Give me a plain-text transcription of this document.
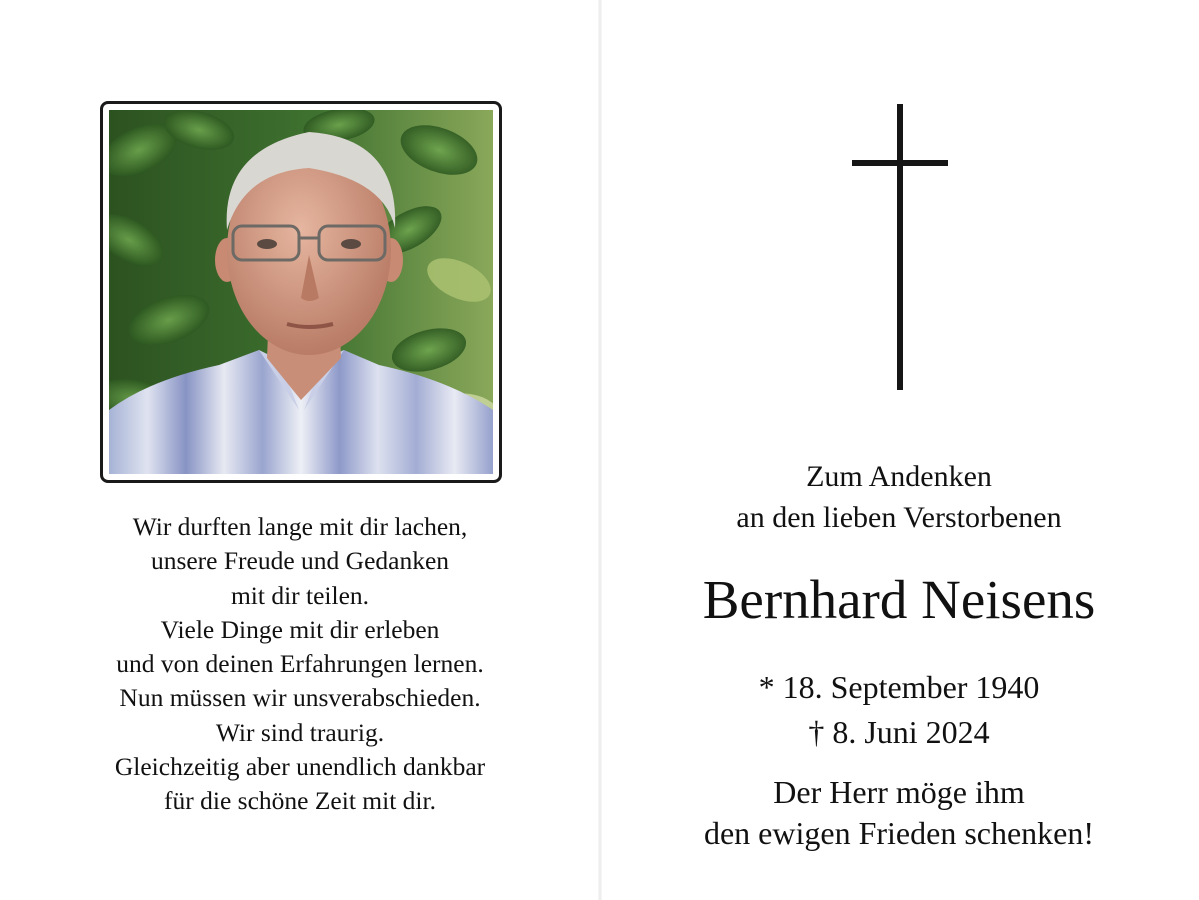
Wir durften lange mit dir lachen,
unsere Freude und Gedanken
mit dir teilen.
Viele Dinge mit dir erleben
und von deinen Erfahrungen lernen.
Nun müssen wir unsverabschieden.
Wir sind traurig.
Gleichzeitig aber unendlich dankbar
für die schöne Zeit mit dir.
Zum Andenken
an den lieben Verstorbenen
Bernhard Neisens
* 18. September 1940
† 8. Juni 2024
Der Herr möge ihm
den ewigen Frieden schenken!
